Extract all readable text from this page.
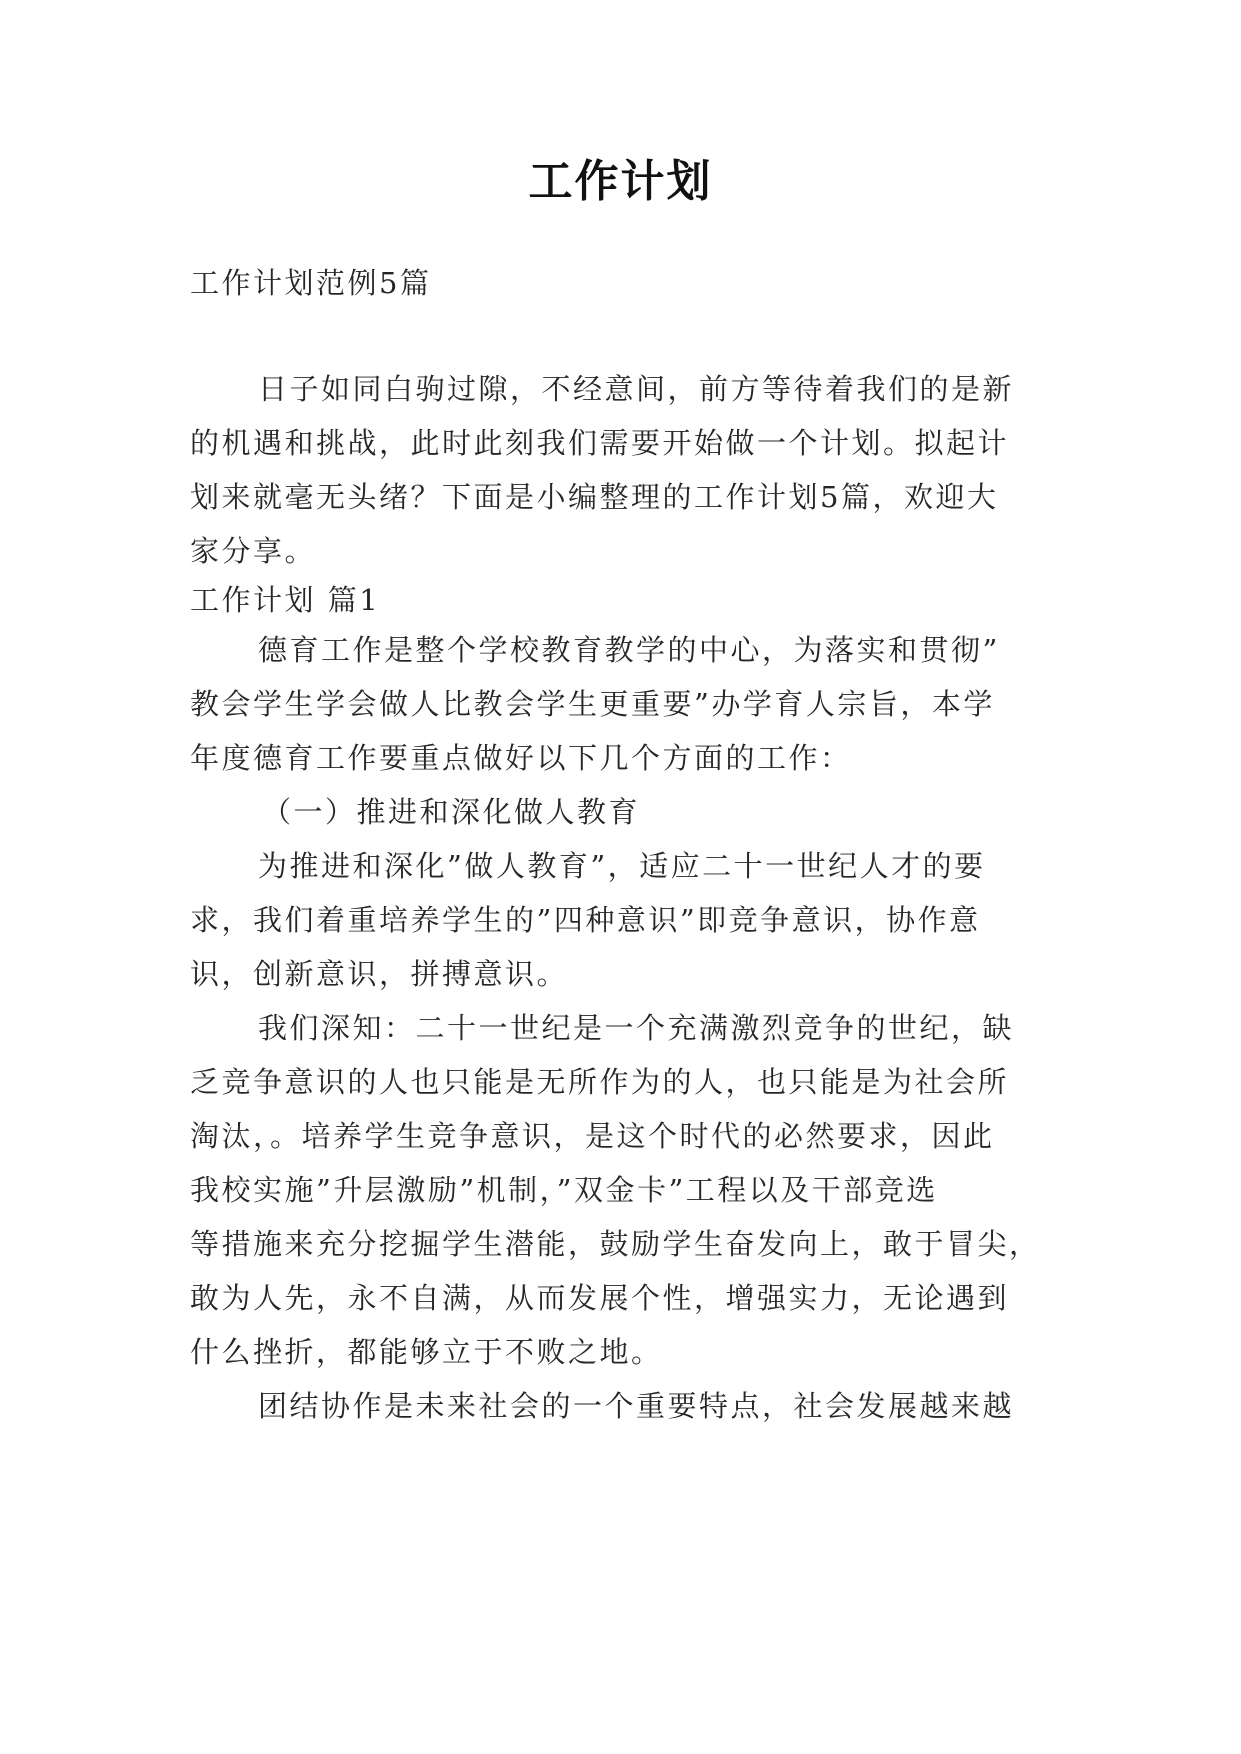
工作计划
工作计划范例5篇
日子如同白驹过隙，不经意间，前方等待着我们的是新
的机遇和挑战，此时此刻我们需要开始做一个计划。拟起计
划来就毫无头绪？下面是小编整理的工作计划5篇，欢迎大
家分享。
工作计划 篇1
德育工作是整个学校教育教学的中心，为落实和贯彻”
教会学生学会做人比教会学生更重要”办学育人宗旨，本学
年度德育工作要重点做好以下几个方面的工作：
（一）推进和深化做人教育
为推进和深化”做人教育”，适应二十一世纪人才的要
求，我们着重培养学生的”四种意识”即竞争意识，协作意
识，创新意识，拼搏意识。
我们深知：二十一世纪是一个充满激烈竞争的世纪，缺
乏竞争意识的人也只能是无所作为的人，也只能是为社会所
淘汰，。培养学生竞争意识，是这个时代的必然要求，因此
我校实施”升层激励”机制，”双金卡”工程以及干部竞选
等措施来充分挖掘学生潜能，鼓励学生奋发向上，敢于冒尖，
敢为人先，永不自满，从而发展个性，增强实力，无论遇到
什么挫折，都能够立于不败之地。
团结协作是未来社会的一个重要特点，社会发展越来越
